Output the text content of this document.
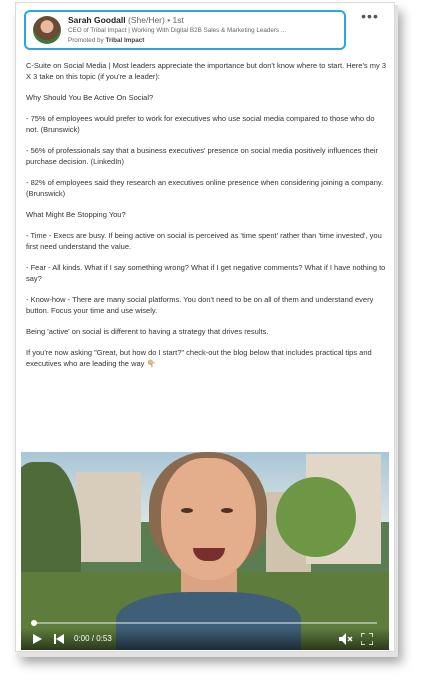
Sarah Goodall (She/Her) • 1st
CEO of Tribal Impact | Working With Digital B2B Sales & Marketing Leaders ...
Promoted by Tribal Impact
•••

C-Suite on Social Media | Most leaders appreciate the importance but don't know where to start. Here's my 3 X 3 take on this topic (if you're a leader):

Why Should You Be Active On Social?

- 75% of employees would prefer to work for executives who use social media compared to those who do not. (Brunswick)

- 56% of professionals say that a business executives' presence on social media positively influences their purchase decision. (LinkedIn)

- 82% of employees said they research an executives online presence when considering joining a company. (Brunswick)

What Might Be Stopping You?

- Time - Execs are busy. If being active on social is perceived as 'time spent' rather than 'time invested', you first need understand the value.

- Fear - All kinds. What if I say something wrong? What if I get negative comments? What if I have nothing to say?

- Know-how - There are many social platforms. You don't need to be on all of them and understand every button. Focus your time and use wisely.

Being 'active' on social is different to having a strategy that drives results.

If you're now asking "Great, but how do I start?" check-out the blog below that includes practical tips and executives who are leading the way 👇🏼

0:00 / 0:53
